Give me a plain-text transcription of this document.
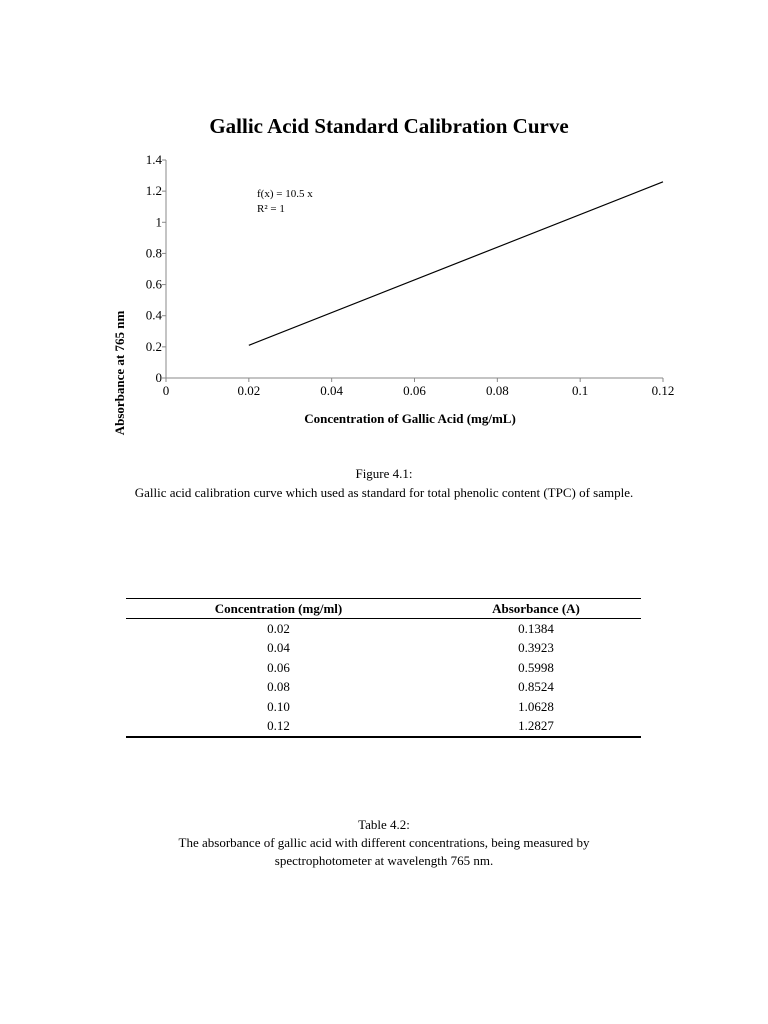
Gallic Acid Standard Calibration Curve
Absorbance at 765 nm	Concentration of Gallic Acid (mg/mL)
0	0.02	0.04	0.06	0.08	0.1	0.12
0
0.2
0.4
0.6
0.8
1
1.2
1.4
f(x) = 10.5 x
R² = 1
Figure 4.1:
Gallic acid calibration curve which used as standard for total phenolic content (TPC) of sample.
Concentration (mg/ml)	Absorbance (A)
0.02	0.1384
0.04	0.3923
0.06	0.5998
0.08	0.8524
0.10	1.0628
0.12	1.2827
Table 4.2:
The absorbance of gallic acid with different concentrations, being measured by spectrophotometer at wavelength 765 nm.
